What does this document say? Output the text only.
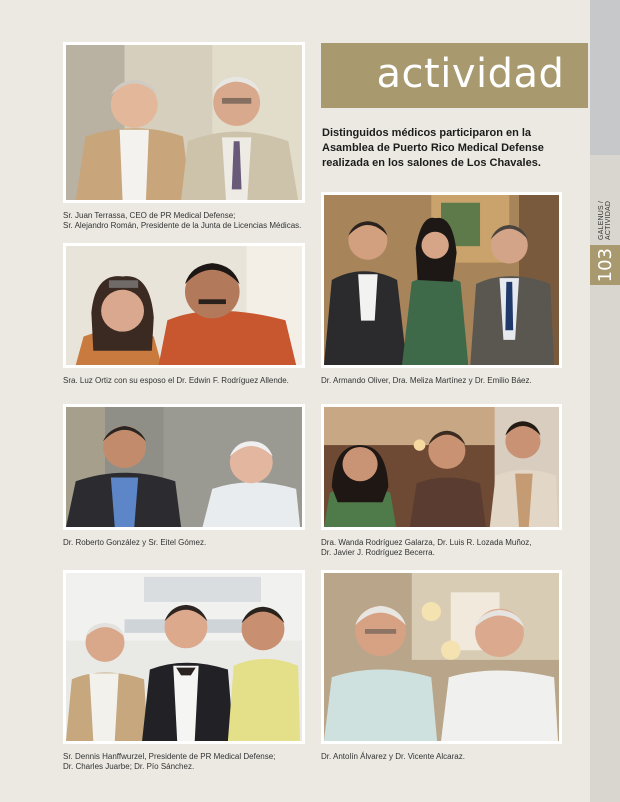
GALENUS / ACTIVIDAD
103
actividad
Distinguidos médicos participaron en la Asamblea de Puerto Rico Medical Defense realizada en los salones de Los Chavales.
Sr. Juan Terrassa, CEO de PR Medical Defense;
Sr. Alejandro Román, Presidente de la Junta de Licencias Médicas.
Dr. Armando Oliver, Dra. Meliza Martínez y Dr. Emilio Báez.
Sra. Luz Ortiz con su esposo el Dr. Edwin F. Rodríguez Allende.
Dr. Roberto González y Sr. Eitel Gómez.	Dra. Wanda Rodríguez Galarza, Dr. Luis R. Lozada Muñoz,
Dr. Javier J. Rodríguez Becerra.
Sr. Dennis Hanffwurzel, Presidente de PR Medical Defense;
Dr. Charles Juarbe; Dr. Pío Sánchez.
Dr. Antolín Álvarez y Dr. Vicente Alcaraz.
